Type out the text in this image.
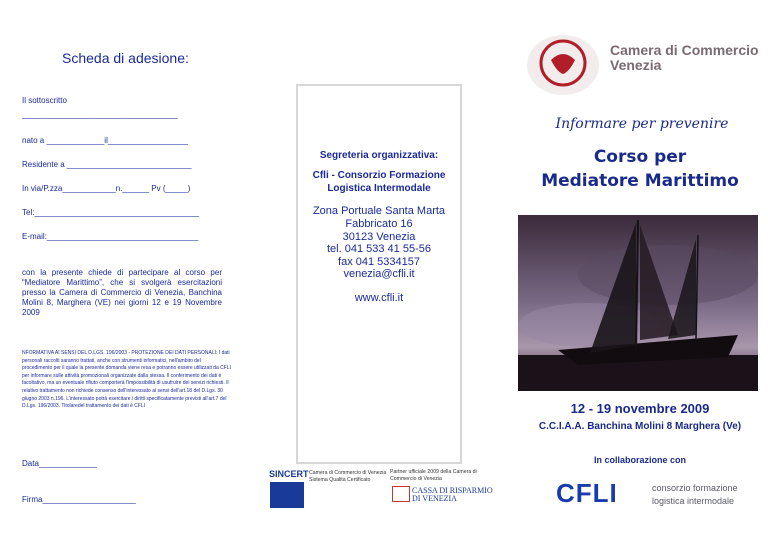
Scheda di adesione:
Il sottoscritto
___________________________________
nato a _____________il__________________
Residente a ____________________________
In via/P.zza____________n.______ Pv (_____)
Tel:_____________________________________
E-mail:__________________________________
con la presente chiede di partecipare al corso per “Mediatore Marittimo”, che si svolgerà esercitazioni presso la Camera di Commercio di Venezia, Banchina Molini 8, Marghera (VE) nei giorni 12 e 19 Novembre 2009
NFORMATIVA AI SENSI DEL D.LGS. 196/2003 - PROTEZIONE DEI DATI PERSONALI: I dati personali raccolti saranno trattati, anche con strumenti informatici, nell'ambito del procedimento per il quale la presente domanda viene resa e potranno essere utilizzati da CFLI per informare sulle attività promozionali organizzate dalla stessa. Il conferimento dei dati è facoltativo, ma un eventuale rifiuto comporterà l'impossibilità di usufruire dei servizi richiesti. Il relativo trattamento non richiede consenso dell'interessato ai sensi dell'art.18 del D.Lgs. 30 giugno 2003 n.196. L'interessato potrà esercitare i diritti specificatamente previsti all'art.7 del D.Lgs. 196/2003. Titolaredel trattamento dei dati è CFLI
Data_____________
Firma_____________________
Segreteria organizzativa:
Cfli - Consorzio Formazione
Logistica Intermodale
Zona Portuale Santa Marta
Fabbricato 16
30123 Venezia
tel. 041 533 41 55-56
fax 041 5334157
venezia@cfli.it
www.cfli.it
SINCERT Camera di Commercio di Venezia
Sistema Qualità Certificato
Partner ufficiale 2009 della Camera di
Commercio di Venezia
CASSA DI RISPARMIO
DI VENEZIA
Camera di Commercio
Venezia
Informare per prevenire
Corso per
Mediatore Marittimo
12 - 19 novembre 2009
C.C.I.A.A. Banchina Molini 8 Marghera (Ve)
In collaborazione con
CFLI	consorzio formazione
logistica intermodale
